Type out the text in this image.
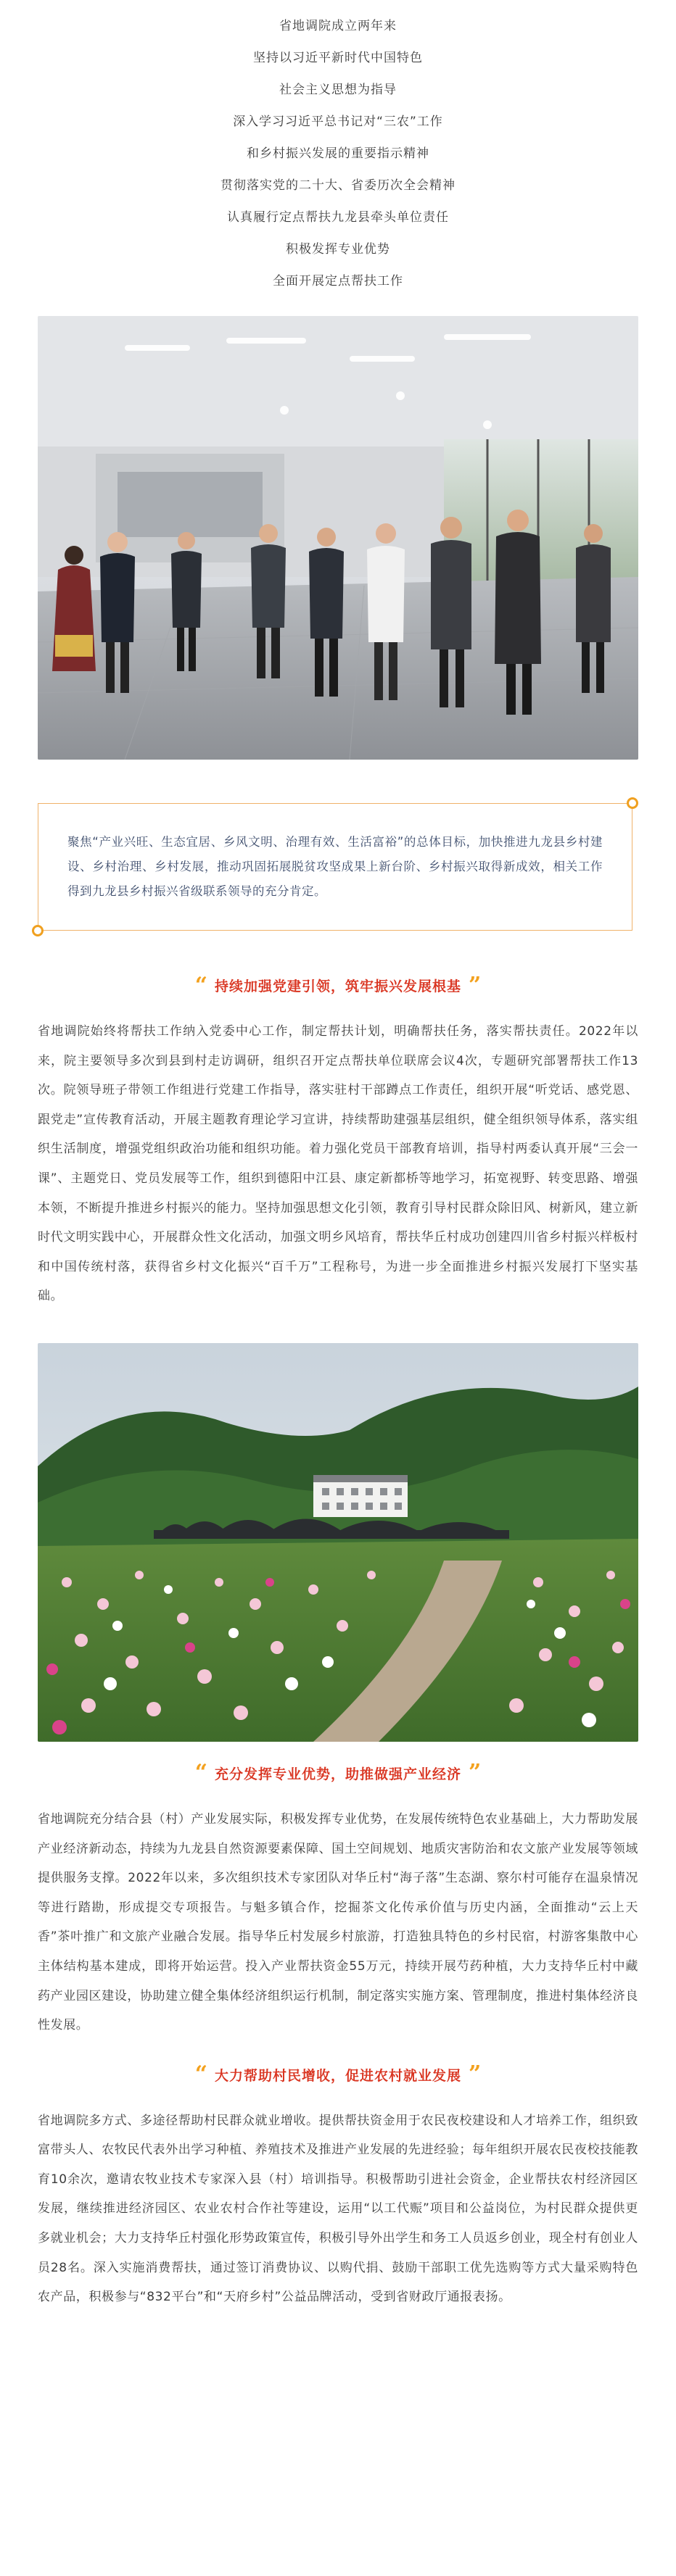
省地调院成立两年来

坚持以习近平新时代中国特色

社会主义思想为指导

深入学习习近平总书记对“三农”工作

和乡村振兴发展的重要指示精神

贯彻落实党的二十大、省委历次全会精神

认真履行定点帮扶九龙县牵头单位责任

积极发挥专业优势

全面开展定点帮扶工作

聚焦“产业兴旺、生态宜居、乡风文明、治理有效、生活富裕”的总体目标，加快推进九龙县乡村建设、乡村治理、乡村发展，推动巩固拓展脱贫攻坚成果上新台阶、乡村振兴取得新成效，相关工作得到九龙县乡村振兴省级联系领导的充分肯定。

“ 持续加强党建引领，筑牢振兴发展根基 ”

省地调院始终将帮扶工作纳入党委中心工作，制定帮扶计划，明确帮扶任务，落实帮扶责任。2022年以来，院主要领导多次到县到村走访调研，组织召开定点帮扶单位联席会议4次，专题研究部署帮扶工作13次。院领导班子带领工作组进行党建工作指导，落实驻村干部蹲点工作责任，组织开展“听党话、感党恩、跟党走”宣传教育活动，开展主题教育理论学习宣讲，持续帮助建强基层组织，健全组织领导体系，落实组织生活制度，增强党组织政治功能和组织功能。着力强化党员干部教育培训，指导村两委认真开展“三会一课”、主题党日、党员发展等工作，组织到德阳中江县、康定新都桥等地学习，拓宽视野、转变思路、增强本领，不断提升推进乡村振兴的能力。坚持加强思想文化引领，教育引导村民群众除旧风、树新风，建立新时代文明实践中心，开展群众性文化活动，加强文明乡风培育，帮扶华丘村成功创建四川省乡村振兴样板村和中国传统村落，获得省乡村文化振兴“百千万”工程称号，为进一步全面推进乡村振兴发展打下坚实基础。

“ 充分发挥专业优势，助推做强产业经济 ”

省地调院充分结合县（村）产业发展实际，积极发挥专业优势，在发展传统特色农业基础上，大力帮助发展产业经济新动态，持续为九龙县自然资源要素保障、国土空间规划、地质灾害防治和农文旅产业发展等领域提供服务支撑。2022年以来，多次组织技术专家团队对华丘村“海子落”生态湖、察尔村可能存在温泉情况等进行踏勘，形成提交专项报告。与魁多镇合作，挖掘茶文化传承价值与历史内涵，全面推动“云上天香”茶叶推广和文旅产业融合发展。指导华丘村发展乡村旅游，打造独具特色的乡村民宿，村游客集散中心主体结构基本建成，即将开始运营。投入产业帮扶资金55万元，持续开展芍药种植，大力支持华丘村中藏药产业园区建设，协助建立健全集体经济组织运行机制，制定落实实施方案、管理制度，推进村集体经济良性发展。

“ 大力帮助村民增收，促进农村就业发展 ”

省地调院多方式、多途径帮助村民群众就业增收。提供帮扶资金用于农民夜校建设和人才培养工作，组织致富带头人、农牧民代表外出学习种植、养殖技术及推进产业发展的先进经验；每年组织开展农民夜校技能教育10余次，邀请农牧业技术专家深入县（村）培训指导。积极帮助引进社会资金，企业帮扶农村经济园区发展，继续推进经济园区、农业农村合作社等建设，运用“以工代赈”项目和公益岗位，为村民群众提供更多就业机会；大力支持华丘村强化形势政策宣传，积极引导外出学生和务工人员返乡创业，现全村有创业人员28名。深入实施消费帮扶，通过签订消费协议、以购代捐、鼓励干部职工优先选购等方式大量采购特色农产品，积极参与“832平台”和“天府乡村”公益品牌活动，受到省财政厅通报表扬。
